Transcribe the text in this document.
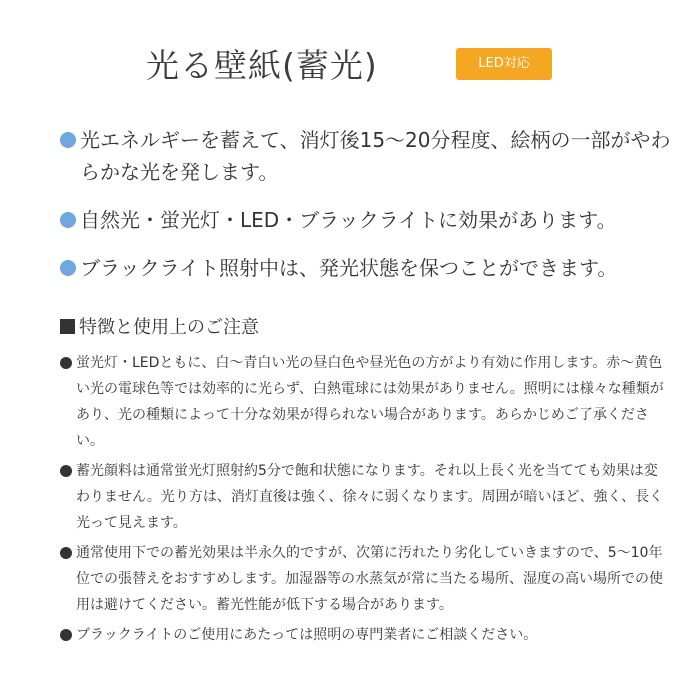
光る壁紙(蓄光)	LED対応
光エネルギーを蓄えて、消灯後15〜20分程度、絵柄の一部がやわらかな光を発します。
自然光・蛍光灯・LED・ブラックライトに効果があります。
ブラックライト照射中は、発光状態を保つことができます。
特徴と使用上のご注意
蛍光灯・LEDともに、白〜青白い光の昼白色や昼光色の方がより有効に作用します。赤〜黄色い光の電球色等では効率的に光らず、白熱電球には効果がありません。照明には様々な種類があり、光の種類によって十分な効果が得られない場合があります。あらかじめご了承ください。
蓄光顔料は通常蛍光灯照射約5分で飽和状態になります。それ以上長く光を当てても効果は変わりません。光り方は、消灯直後は強く、徐々に弱くなります。周囲が暗いほど、強く、長く光って見えます。
通常使用下での蓄光効果は半永久的ですが、次第に汚れたり劣化していきますので、5〜10年位での張替えをおすすめします。加湿器等の水蒸気が常に当たる場所、湿度の高い場所での使用は避けてください。蓄光性能が低下する場合があります。
ブラックライトのご使用にあたっては照明の専門業者にご相談ください。
